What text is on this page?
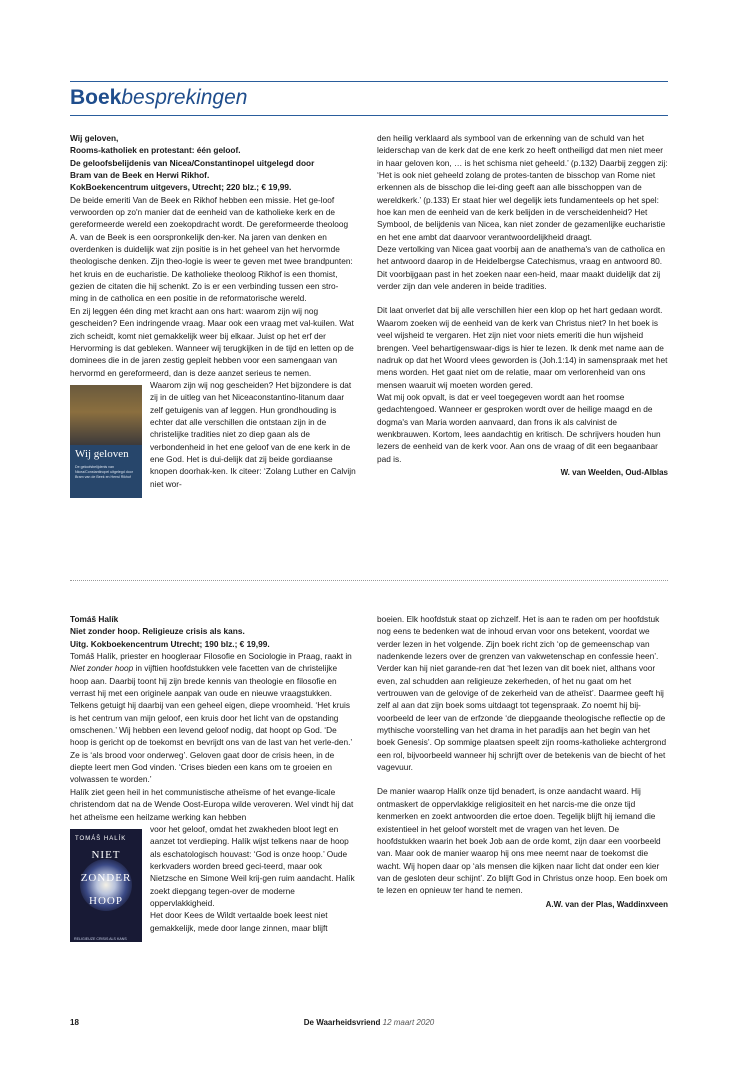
Boekbesprekingen

Wij geloven,

Rooms-katholiek en protestant: één geloof.

De geloofsbelijdenis van Nicea/Constantinopel uitgelegd door

Bram van de Beek en Herwi Rikhof.

KokBoekencentrum uitgevers, Utrecht; 220 blz.; € 19,99.

De beide emeriti Van de Beek en Rikhof hebben een missie. Het ge-loof verwoorden op zo'n manier dat de eenheid van de katholieke kerk en de gereformeerde wereld een zoekopdracht wordt. De gereformeerde theoloog A. van de Beek is een oorspronkelijk den-ker. Na jaren van denken en overdenken is duidelijk wat zijn positie is in het geheel van het hervormde theologische denken. Zijn theo-logie is weer te geven met twee brandpunten: het kruis en de eucharistie. De katholieke theoloog Rikhof is een thomist, gezien de citaten die hij schenkt. Zo is er een verbinding tussen een stro-ming in de catholica en een positie in de reformatorische wereld.

En zij leggen één ding met kracht aan ons hart: waarom zijn wij nog gescheiden? Een indringende vraag. Maar ook een vraag met val-kuilen. Wat zich scheidt, komt niet gemakkelijk weer bij elkaar. Juist op het erf der Hervorming is dat gebleken. Wanneer wij terugkijken in de tijd en letten op de dominees die in de jaren zestig gepleit hebben voor een samengaan van hervormd en gereformeerd, dan is deze aanzet serieus te nemen.

Wij geloven
De geloofsbelijdenis van Nicea/Constantinopel uitgelegd door Bram van de Beek en Herwi Rikhof

Waarom zijn wij nog gescheiden? Het bijzondere is dat zij in de uitleg van het Niceaconstantino-litanum daar zelf getuigenis van af leggen. Hun grondhouding is echter dat alle verschillen die ontstaan zijn in de christelijke tradities niet zo diep gaan als de verbondenheid in het ene geloof van de ene kerk in de ene God. Het is dui-delijk dat zij beide gordiaanse knopen doorhak-ken. Ik citeer: ‘Zolang Luther en Calvijn niet wor-

den heilig verklaard als symbool van de erkenning van de schuld van het leiderschap van de kerk dat de ene kerk zo heeft ontheiligd dat men niet meer in haar geloven kon, … is het schisma niet geheeld.’ (p.132) Daarbij zeggen zij: ‘Het is ook niet geheeld zolang de protes-tanten de bisschop van Rome niet erkennen als de bisschop die lei-ding geeft aan alle bisschoppen van de wereldkerk.’ (p.133) Er staat hier wel degelijk iets fundamenteels op het spel: hoe kan men de eenheid van de kerk belijden in de verscheidenheid? Het Symbool, de belijdenis van Nicea, kan niet zonder de gezamenlijke eucharistie en het ene ambt dat daarvoor verantwoordelijkheid draagt.

Deze vertolking van Nicea gaat voorbij aan de anathema's van de catholica en het antwoord daarop in de Heidelbergse Catechismus, vraag en antwoord 80. Dit voorbijgaan past in het zoeken naar een-heid, maar maakt duidelijk dat zij verder zijn dan vele anderen in beide tradities.

Dit laat onverlet dat bij alle verschillen hier een klop op het hart gedaan wordt. Waarom zoeken wij de eenheid van de kerk van Christus niet? In het boek is veel wijsheid te vergaren. Het zijn niet voor niets emeriti die hun wijsheid brengen. Veel behartigenswaar-digs is hier te lezen. Ik denk met name aan de nadruk op dat het Woord vlees geworden is (Joh.1:14) in samenspraak met het mens worden. Het gaat niet om de relatie, maar om verlorenheid van ons mensen waaruit wij moeten worden gered.

Wat mij ook opvalt, is dat er veel toegegeven wordt aan het roomse gedachtengoed. Wanneer er gesproken wordt over de heilige maagd en de dogma's van Maria worden aanvaard, dan frons ik als calvinist de wenkbrauwen. Kortom, lees aandachtig en kritisch. De schrijvers houden hun lezers de eenheid van de kerk voor. Aan ons de vraag of dit een begaanbaar pad is.

W. van Weelden, Oud-Alblas

Tomáš Halík

Niet zonder hoop. Religieuze crisis als kans.

Uitg. Kokboekencentrum Utrecht; 190 blz.; € 19,99.

Tomáš Halík, priester en hoogleraar Filosofie en Sociologie in Praag, raakt in Niet zonder hoop in vijftien hoofdstukken vele facetten van de christelijke hoop aan. Daarbij toont hij zijn brede kennis van theologie en filosofie en verrast hij met een originele aanpak van oude en nieuwe vraagstukken. Telkens getuigt hij daarbij van een geheel eigen, diepe vroomheid. ‘Het kruis is het centrum van mijn geloof, een kruis door het licht van de opstanding omschenen.’ Wij hebben een levend geloof nodig, dat hoopt op God. ‘De hoop is gericht op de toekomst en bevrijdt ons van de last van het verle-den.’ Ze is ‘als brood voor onderweg’. Geloven gaat door de crisis heen, in de diepte leert men God vinden. ‘Crises bieden een kans om te groeien en volwassen te worden.’

Halík ziet geen heil in het communistische atheïsme of het evange-licale christendom dat na de Wende Oost-Europa wilde veroveren. Wel vindt hij dat het atheïsme een heilzame werking kan hebben

TOMÁŠ HALÍK
NIET
ZONDER
HOOP
RELIGIEUZE CRISIS ALS KANS

voor het geloof, omdat het zwakheden bloot legt en aanzet tot verdieping. Halík wijst telkens naar de hoop als eschatologisch houvast: ‘God is onze hoop.’ Oude kerkvaders worden breed geci-teerd, maar ook Nietzsche en Simone Weil krij-gen ruim aandacht. Halík zoekt diepgang tegen-over de moderne oppervlakkigheid.

Het door Kees de Wildt vertaalde boek leest niet gemakkelijk, mede door lange zinnen, maar blijft

boeien. Elk hoofdstuk staat op zichzelf. Het is aan te raden om per hoofdstuk nog eens te bedenken wat de inhoud ervan voor ons betekent, voordat we verder lezen in het volgende. Zijn boek richt zich ‘op de gemeenschap van nadenkende lezers over de grenzen van vakwetenschap en confessie heen’. Verder kan hij niet garande-ren dat ‘het lezen van dit boek niet, althans voor even, zal schudden aan religieuze zekerheden, of het nu gaat om het vertrouwen van de gelovige of de zekerheid van de atheïst’. Daarmee geeft hij zelf al aan dat zijn boek soms uitdaagt tot tegenspraak. Zo noemt hij bij-voorbeeld de leer van de erfzonde ‘de diepgaande theologische reflectie op de mythische voorstelling van het drama in het paradijs aan het begin van het boek Genesis’. Op sommige plaatsen speelt zijn rooms-katholieke achtergrond een rol, bijvoorbeeld wanneer hij schrijft over de betekenis van de biecht of het vagevuur.

De manier waarop Halík onze tijd benadert, is onze aandacht waard. Hij ontmaskert de oppervlakkige religiositeit en het narcis-me die onze tijd kenmerken en zoekt antwoorden die ertoe doen. Tegelijk blijft hij iemand die existentieel in het geloof worstelt met de vragen van het leven. De hoofdstukken waarin het boek Job aan de orde komt, zijn daar een voorbeeld van. Maar ook de manier waarop hij ons mee neemt naar de toekomst die wacht. Wij hopen daar op ‘als mensen die kijken naar licht dat onder een kier van de gesloten deur schijnt’. Zo blijft God in Christus onze hoop. Een boek om te lezen en opnieuw ter hand te nemen.

A.W. van der Plas, Waddinxveen

18	De Waarheidsvriend 12 maart 2020
